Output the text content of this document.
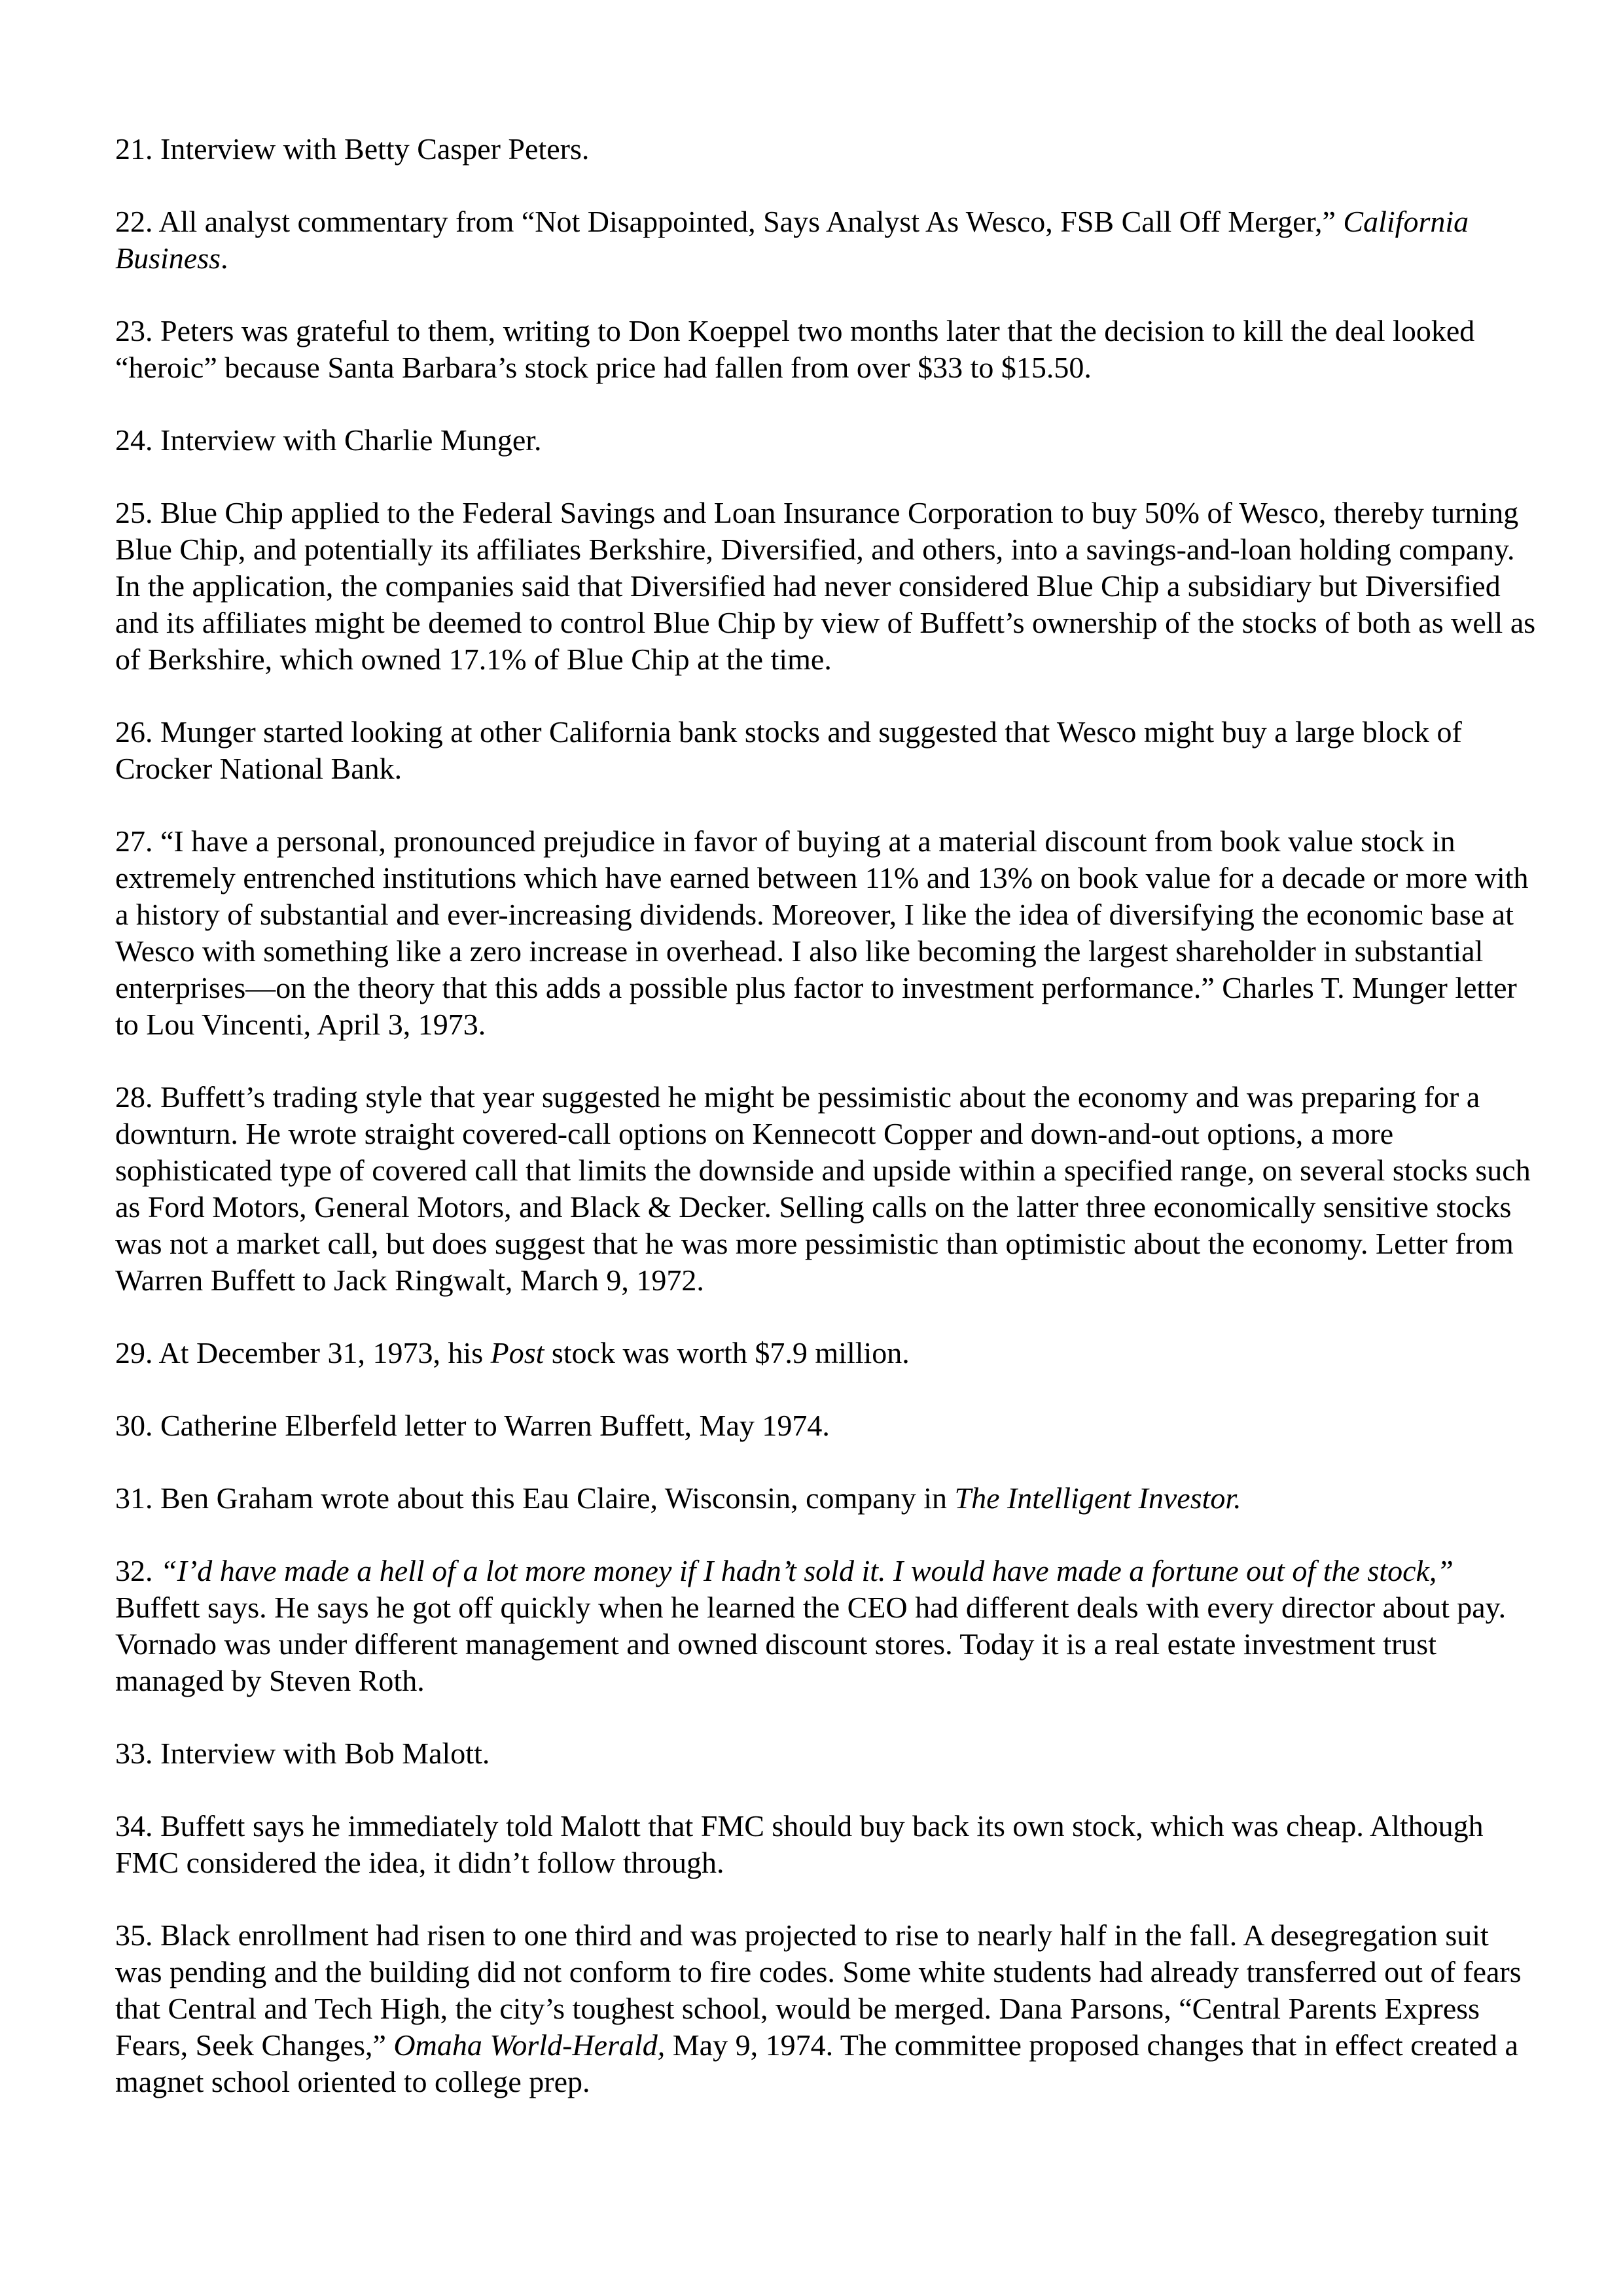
21. Interview with Betty Casper Peters.

22. All analyst commentary from “Not Disappointed, Says Analyst As Wesco, FSB Call Off Merger,” California Business.

23. Peters was grateful to them, writing to Don Koeppel two months later that the decision to kill the deal looked “heroic” because Santa Barbara’s stock price had fallen from over $33 to $15.50.

24. Interview with Charlie Munger.

25. Blue Chip applied to the Federal Savings and Loan Insurance Corporation to buy 50% of Wesco, thereby turning Blue Chip, and potentially its affiliates Berkshire, Diversified, and others, into a savings-and-loan holding company. In the application, the companies said that Diversified had never considered Blue Chip a subsidiary but Diversified and its affiliates might be deemed to control Blue Chip by view of Buffett’s ownership of the stocks of both as well as of Berkshire, which owned 17.1% of Blue Chip at the time.

26. Munger started looking at other California bank stocks and suggested that Wesco might buy a large block of Crocker National Bank.

27. “I have a personal, pronounced prejudice in favor of buying at a material discount from book value stock in extremely entrenched institutions which have earned between 11% and 13% on book value for a decade or more with a history of substantial and ever-increasing dividends. Moreover, I like the idea of diversifying the economic base at Wesco with something like a zero increase in overhead. I also like becoming the largest shareholder in substantial enterprises—on the theory that this adds a possible plus factor to investment performance.” Charles T. Munger letter to Lou Vincenti, April 3, 1973.

28. Buffett’s trading style that year suggested he might be pessimistic about the economy and was preparing for a downturn. He wrote straight covered-call options on Kennecott Copper and down-and-out options, a more sophisticated type of covered call that limits the downside and upside within a specified range, on several stocks such as Ford Motors, General Motors, and Black & Decker. Selling calls on the latter three economically sensitive stocks was not a market call, but does suggest that he was more pessimistic than optimistic about the economy. Letter from Warren Buffett to Jack Ringwalt, March 9, 1972.

29. At December 31, 1973, his Post stock was worth $7.9 million.

30. Catherine Elberfeld letter to Warren Buffett, May 1974.

31. Ben Graham wrote about this Eau Claire, Wisconsin, company in The Intelligent Investor.

32. “I’d have made a hell of a lot more money if I hadn’t sold it. I would have made a fortune out of the stock,” Buffett says. He says he got off quickly when he learned the CEO had different deals with every director about pay. Vornado was under different management and owned discount stores. Today it is a real estate investment trust managed by Steven Roth.

33. Interview with Bob Malott.

34. Buffett says he immediately told Malott that FMC should buy back its own stock, which was cheap. Although FMC considered the idea, it didn’t follow through.

35. Black enrollment had risen to one third and was projected to rise to nearly half in the fall. A desegregation suit was pending and the building did not conform to fire codes. Some white students had already transferred out of fears that Central and Tech High, the city’s toughest school, would be merged. Dana Parsons, “Central Parents Express Fears, Seek Changes,” Omaha World-Herald, May 9, 1974. The committee proposed changes that in effect created a magnet school oriented to college prep.
